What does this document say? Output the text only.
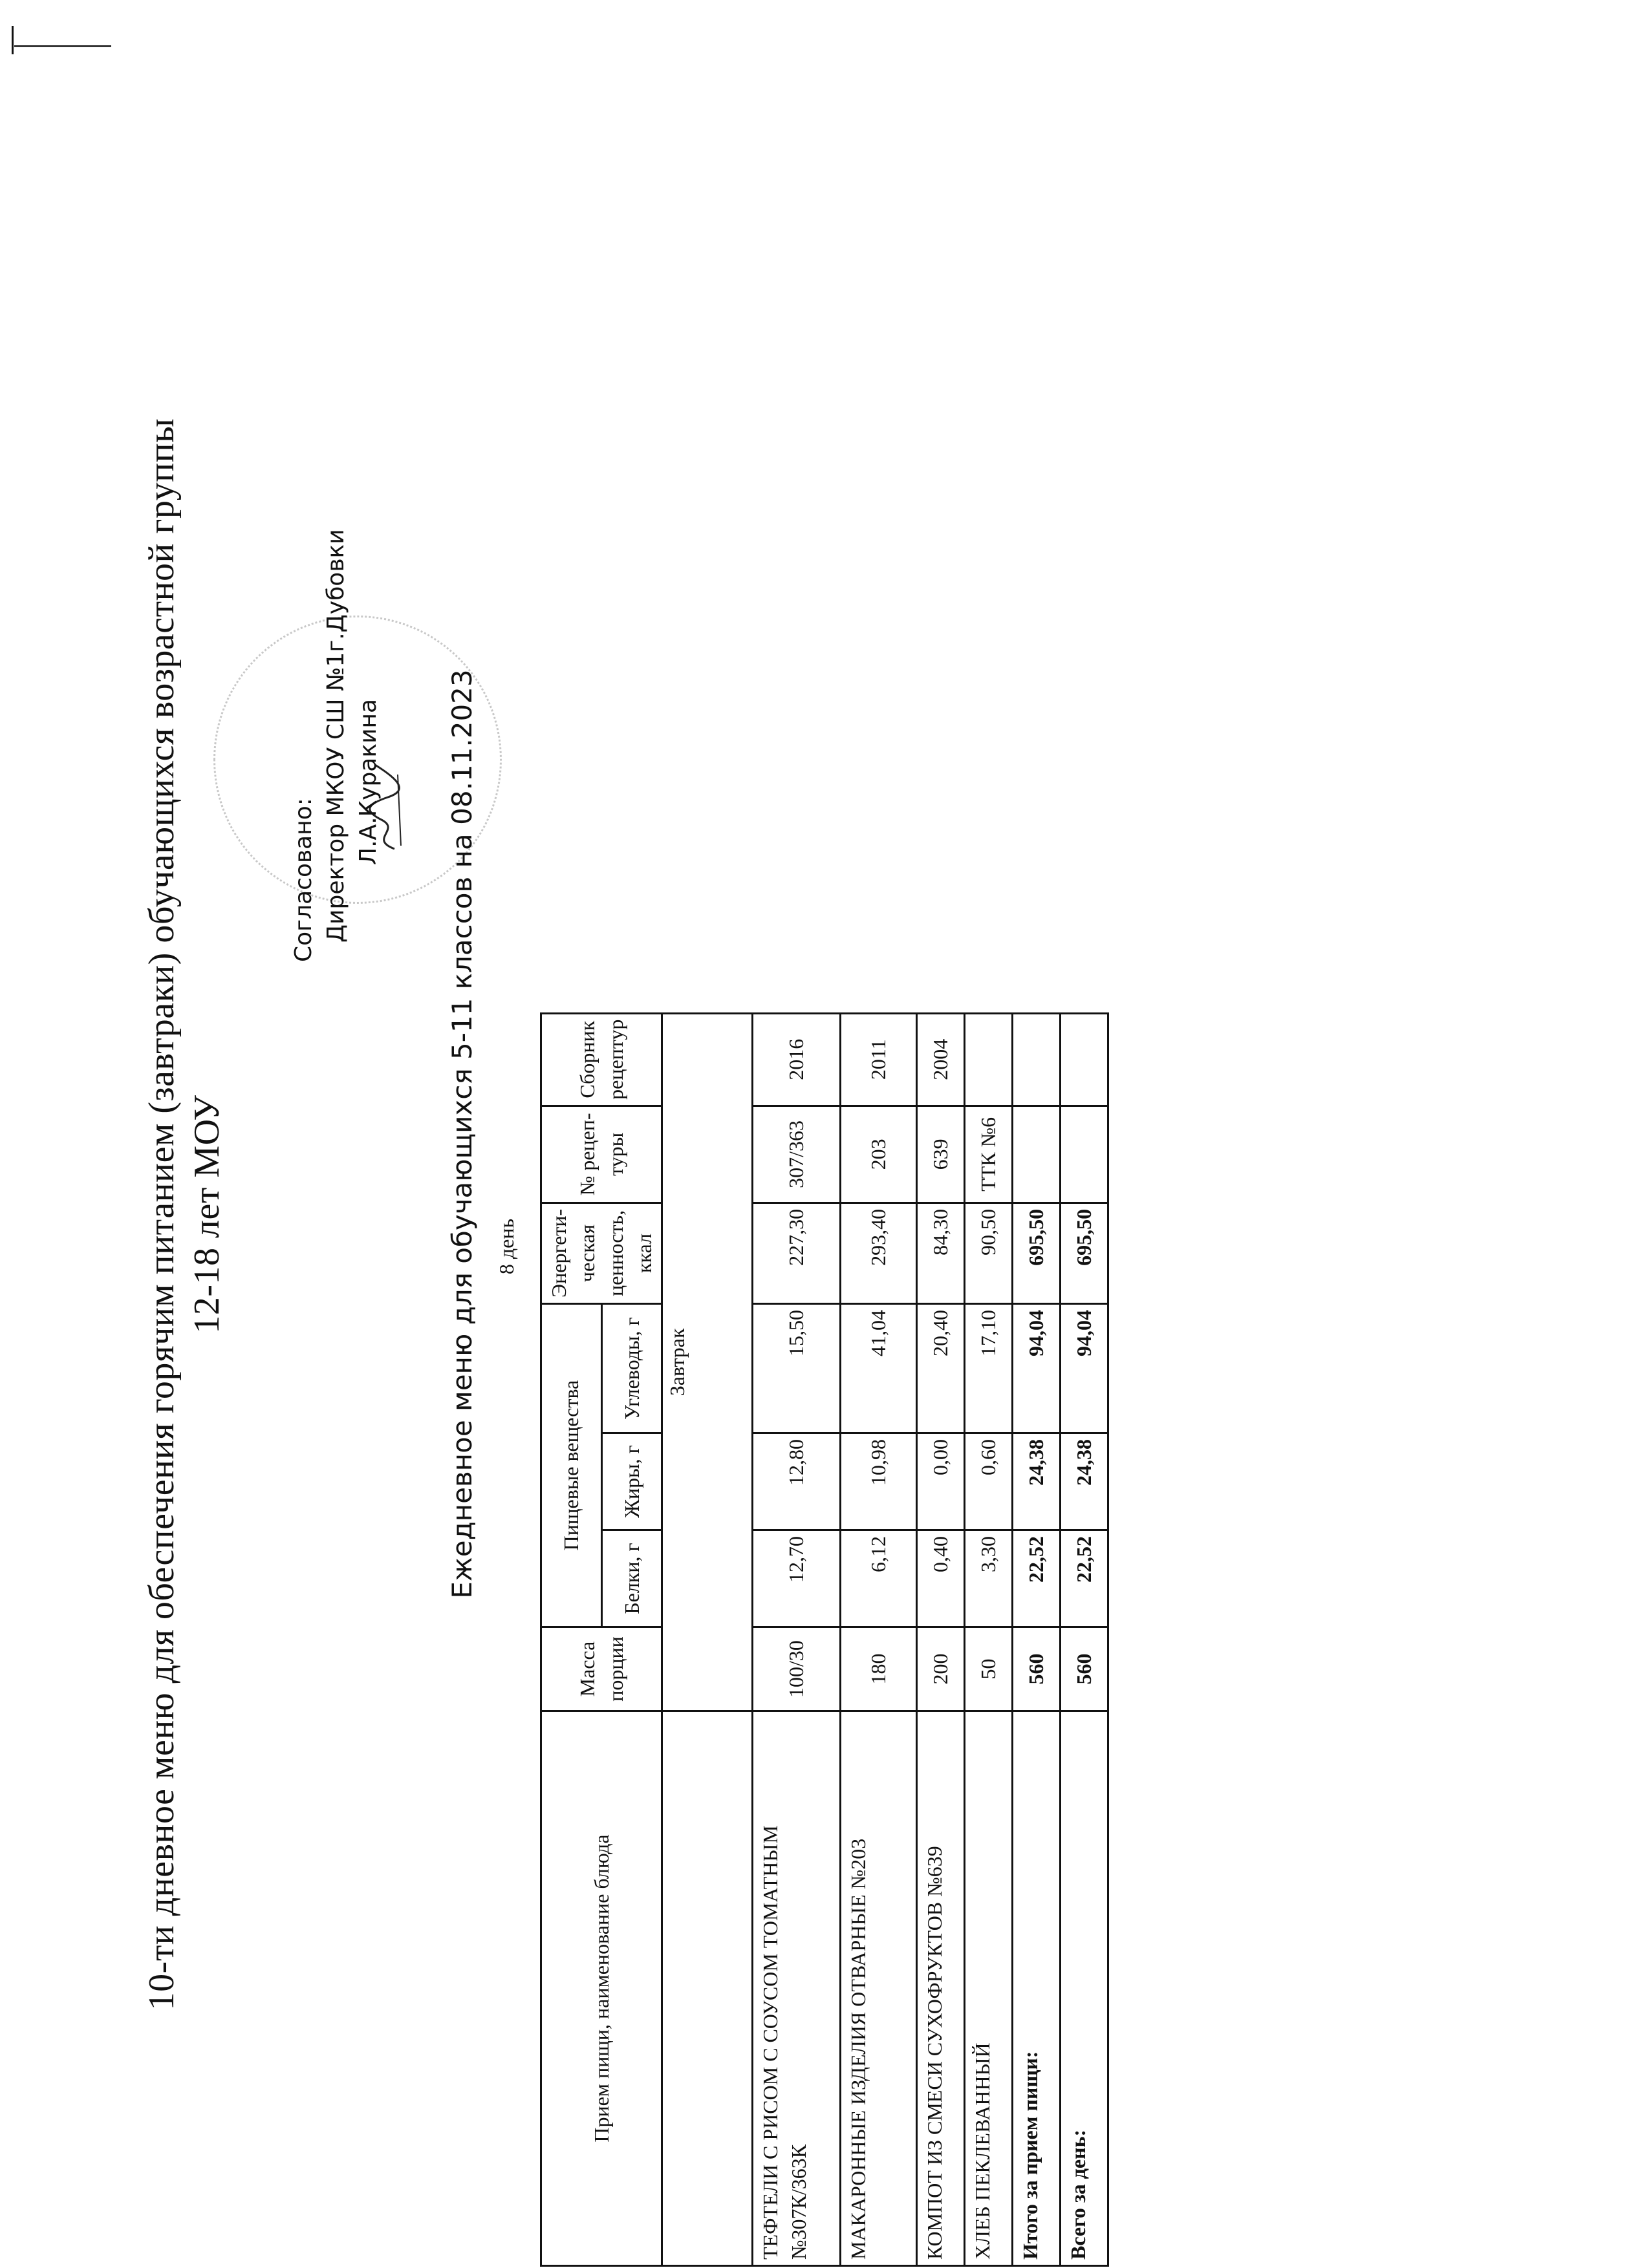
10-ти дневное меню для обеспечения горячим питанием (завтраки) обучающихся возрастной группы 12-18 лет МОУ
Согласовано: Директор МКОУ СШ №1г.Дубовки Л.А.Куракина Ежедневное меню для обучающихся 5-11 классов на 08.11.2023 8 день
Прием пищи, наименование блюда	Масса порции	Пищевые вещества			Энергети-ческая ценность, ккал	№ рецеп-туры	Сборник рецептур
		Белки, г	Жиры, г	Углеводы, г			
	Завтрак						
ТЕФТЕЛИ С РИСОМ С СОУСОМ ТОМАТНЫМ №307К/363К	100/30	12,70	12,80	15,50	227,30	307/363	2016
МАКАРОННЫЕ ИЗДЕЛИЯ ОТВАРНЫЕ №203	180	6,12	10,98	41,04	293,40	203	2011
КОМПОТ ИЗ СМЕСИ СУХОФРУКТОВ №639	200	0,40	0,00	20,40	84,30	639	2004
ХЛЕБ ПЕКЛЕВАННЫЙ	50	3,30	0,60	17,10	90,50	ТТК №6	
Итого за прием пищи:	560	22,52	24,38	94,04	695,50		
Всего за день:	560	22,52	24,38	94,04	695,50		
